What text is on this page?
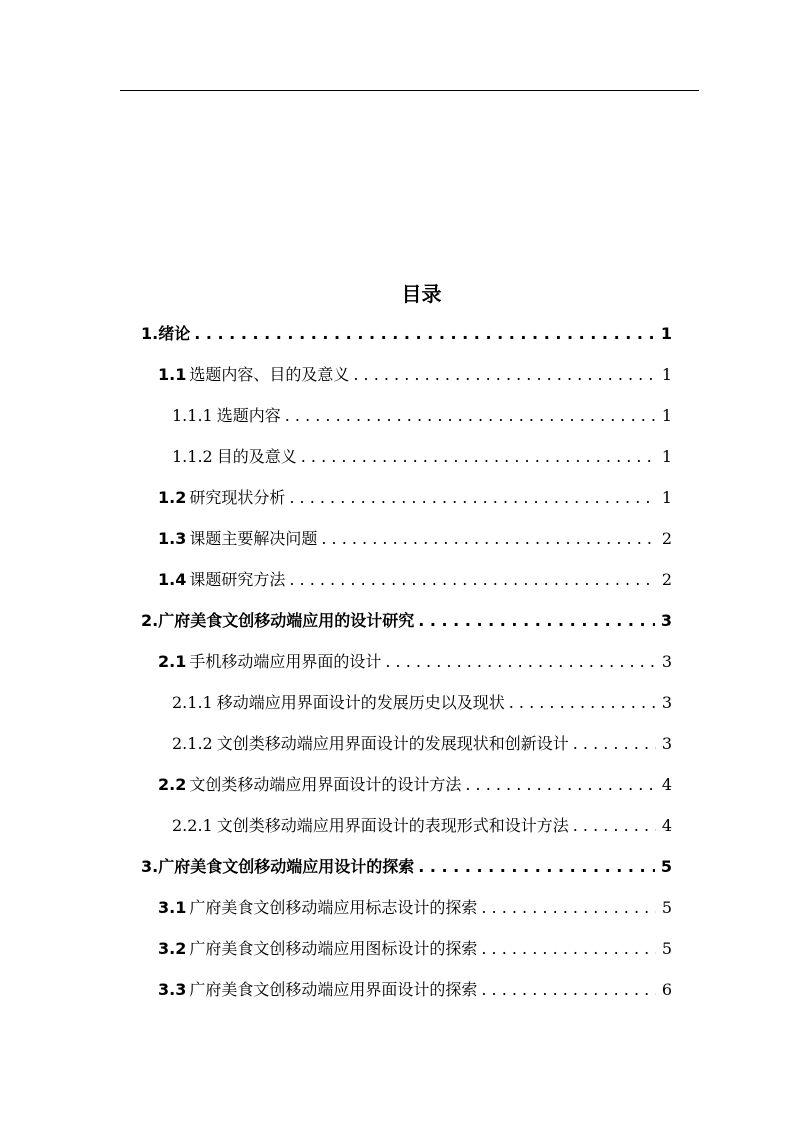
目录
1. 绪论 . . .	1
1.1 选题内容、目的及意义 . . .	1
1.1.1 选题内容 . . .	1
1.1.2 目的及意义 . . .	1
1.2 研究现状分析 . . .	1
1.3 课题主要解决问题 . . .	2
1.4 课题研究方法 . . .	2
2. 广府美食文创移动端应用的设计研究 . . .	3
2.1 手机移动端应用界面的设计 . . .	3
2.1.1 移动端应用界面设计的发展历史以及现状 . . .	3
2.1.2 文创类移动端应用界面设计的发展现状和创新设计 . . .	3
2.2 文创类移动端应用界面设计的设计方法 . . .	4
2.2.1 文创类移动端应用界面设计的表现形式和设计方法 . . .	4
3. 广府美食文创移动端应用设计的探索 . . .	5
3.1 广府美食文创移动端应用标志设计的探索 . . .	5
3.2 广府美食文创移动端应用图标设计的探索 . . .	5
3.3 广府美食文创移动端应用界面设计的探索 . . .	6
